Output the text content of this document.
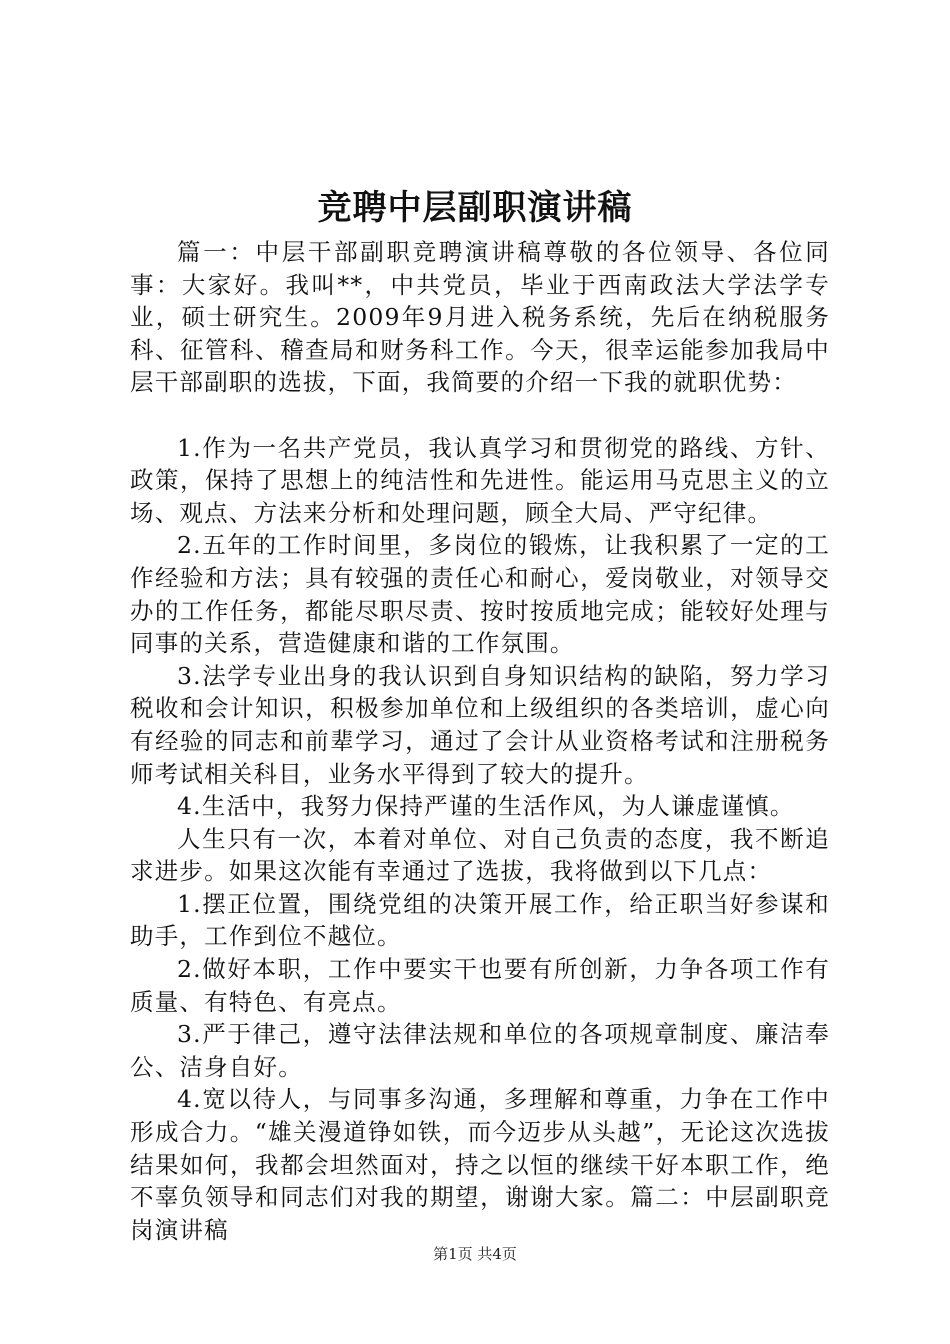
竞聘中层副职演讲稿

篇一：中层干部副职竞聘演讲稿尊敬的各位领导、各位同事：大家好。我叫**，中共党员，毕业于西南政法大学法学专业，硕士研究生。2009年9月进入税务系统，先后在纳税服务科、征管科、稽查局和财务科工作。今天，很幸运能参加我局中层干部副职的选拔，下面，我简要的介绍一下我的就职优势：

1.作为一名共产党员，我认真学习和贯彻党的路线、方针、政策，保持了思想上的纯洁性和先进性。能运用马克思主义的立场、观点、方法来分析和处理问题，顾全大局、严守纪律。

2.五年的工作时间里，多岗位的锻炼，让我积累了一定的工作经验和方法；具有较强的责任心和耐心，爱岗敬业，对领导交办的工作任务，都能尽职尽责、按时按质地完成；能较好处理与同事的关系，营造健康和谐的工作氛围。

3.法学专业出身的我认识到自身知识结构的缺陷，努力学习税收和会计知识，积极参加单位和上级组织的各类培训，虚心向有经验的同志和前辈学习，通过了会计从业资格考试和注册税务师考试相关科目，业务水平得到了较大的提升。

4.生活中，我努力保持严谨的生活作风，为人谦虚谨慎。

人生只有一次，本着对单位、对自己负责的态度，我不断追求进步。如果这次能有幸通过了选拔，我将做到以下几点：

1.摆正位置，围绕党组的决策开展工作，给正职当好参谋和助手，工作到位不越位。

2.做好本职，工作中要实干也要有所创新，力争各项工作有质量、有特色、有亮点。

3.严于律己，遵守法律法规和单位的各项规章制度、廉洁奉公、洁身自好。

4.宽以待人，与同事多沟通，多理解和尊重，力争在工作中形成合力。“雄关漫道铮如铁，而今迈步从头越”，无论这次选拔结果如何，我都会坦然面对，持之以恒的继续干好本职工作，绝不辜负领导和同志们对我的期望，谢谢大家。篇二：中层副职竞岗演讲稿

第1页 共4页
